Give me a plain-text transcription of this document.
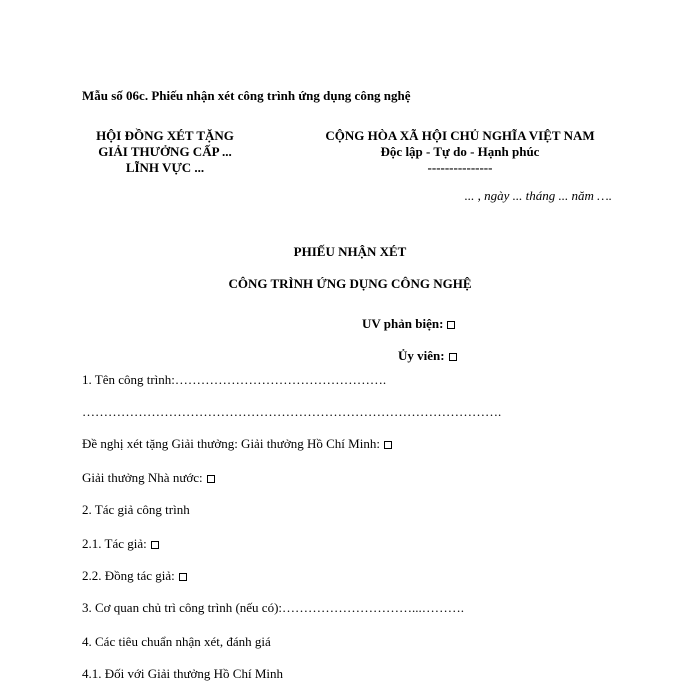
Mẫu số 06c. Phiếu nhận xét công trình ứng dụng công nghệ
HỘI ĐỒNG XÉT TẶNG
GIẢI THƯỞNG CẤP ...
LĨNH VỰC ...
CỘNG HÒA XÃ HỘI CHỦ NGHĨA VIỆT NAM
Độc lập - Tự do - Hạnh phúc
---------------
... , ngày ... tháng ... năm ….
PHIẾU NHẬN XÉT
CÔNG TRÌNH ỨNG DỤNG CÔNG NGHỆ
UV phản biện:
Ủy viên:
1. Tên công trình:………………………………………….
…………………………………………………………………………………….
Đề nghị xét tặng Giải thưởng: Giải thưởng Hồ Chí Minh:
Giải thưởng Nhà nước:
2. Tác giả công trình
2.1. Tác giả:
2.2. Đồng tác giả:
3. Cơ quan chủ trì công trình (nếu có):…………………………...……….
4. Các tiêu chuẩn nhận xét, đánh giá
4.1. Đối với Giải thưởng Hồ Chí Minh
